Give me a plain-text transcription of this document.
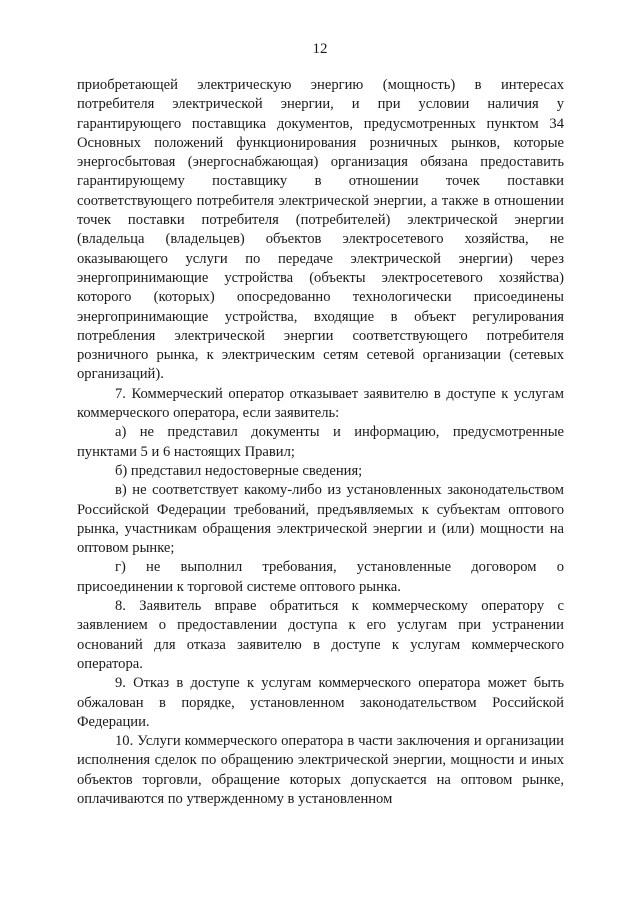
12

приобретающей электрическую энергию (мощность) в интересах потребителя электрической энергии, и при условии наличия у гарантирующего поставщика документов, предусмотренных пунктом 34 Основных положений функционирования розничных рынков, которые энергосбытовая (энергоснабжающая) организация обязана предоставить гарантирующему поставщику в отношении точек поставки соответствующего потребителя электрической энергии, а также в отношении точек поставки потребителя (потребителей) электрической энергии (владельца (владельцев) объектов электросетевого хозяйства, не оказывающего услуги по передаче электрической энергии) через энергопринимающие устройства (объекты электросетевого хозяйства) которого (которых) опосредованно технологически присоединены энергопринимающие устройства, входящие в объект регулирования потребления электрической энергии соответствующего потребителя розничного рынка, к электрическим сетям сетевой организации (сетевых организаций).

7. Коммерческий оператор отказывает заявителю в доступе к услугам коммерческого оператора, если заявитель:

а) не представил документы и информацию, предусмотренные пунктами 5 и 6 настоящих Правил;

б) представил недостоверные сведения;

в) не соответствует какому-либо из установленных законодательством Российской Федерации требований, предъявляемых к субъектам оптового рынка, участникам обращения электрической энергии и (или) мощности на оптовом рынке;

г) не выполнил требования, установленные договором о присоединении к торговой системе оптового рынка.

8. Заявитель вправе обратиться к коммерческому оператору с заявлением о предоставлении доступа к его услугам при устранении оснований для отказа заявителю в доступе к услугам коммерческого оператора.

9. Отказ в доступе к услугам коммерческого оператора может быть обжалован в порядке, установленном законодательством Российской Федерации.

10. Услуги коммерческого оператора в части заключения и организации исполнения сделок по обращению электрической энергии, мощности и иных объектов торговли, обращение которых допускается на оптовом рынке, оплачиваются по утвержденному в установленном
